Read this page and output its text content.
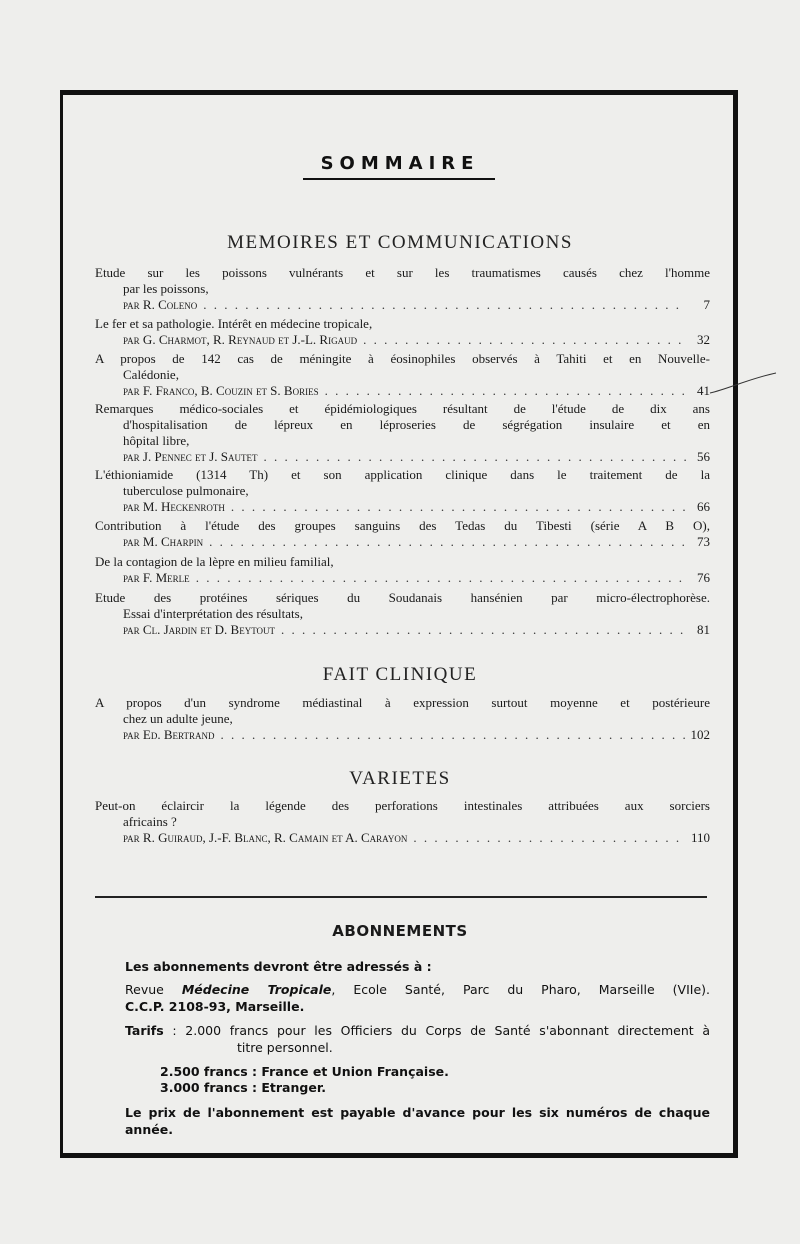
SOMMAIRE
MEMOIRES ET COMMUNICATIONS
Etude sur les poissons vulnérants et sur les traumatismes causés chez l'homme
par les poissons,
par R. Coleno . . .	7
Le fer et sa pathologie. Intérêt en médecine tropicale,
par G. Charmot, R. Reynaud et J.-L. Rigaud . . .	32
A propos de 142 cas de méningite à éosinophiles observés à Tahiti et en Nouvelle-
Calédonie,
par F. Franco, B. Couzin et S. Bories . . .	41
Remarques médico-sociales et épidémiologiques résultant de l'étude de dix ans
d'hospitalisation de lépreux en léproseries de ségrégation insulaire et en
hôpital libre,
par J. Pennec et J. Sautet . . .	56
L'éthioniamide (1314 Th) et son application clinique dans le traitement de la
tuberculose pulmonaire,
par M. Heckenroth . . .	66
Contribution à l'étude des groupes sanguins des Tedas du Tibesti (série A B O),
par M. Charpin . . .	73
De la contagion de la lèpre en milieu familial,
par F. Merle . . .	76
Etude des protéines sériques du Soudanais hansénien par micro-électrophorèse.
Essai d'interprétation des résultats,
par Cl. Jardin et D. Beytout . . .	81
FAIT CLINIQUE
A propos d'un syndrome médiastinal à expression surtout moyenne et postérieure
chez un adulte jeune,
par Ed. Bertrand . . .	102
VARIETES
Peut-on éclaircir la légende des perforations intestinales attribuées aux sorciers
africains ?
par R. Guiraud, J.-F. Blanc, R. Camain et A. Carayon . . .	110
ABONNEMENTS
Les abonnements devront être adressés à :
Revue Médecine Tropicale, Ecole Santé, Parc du Pharo, Marseille (VIIe).
C.C.P. 2108-93, Marseille.
Tarifs : 2.000 francs pour les Officiers du Corps de Santé s'abonnant directement à
titre personnel.
2.500 francs : France et Union Française.
3.000 francs : Etranger.
Le prix de l'abonnement est payable d'avance pour les six numéros de chaque
année.
